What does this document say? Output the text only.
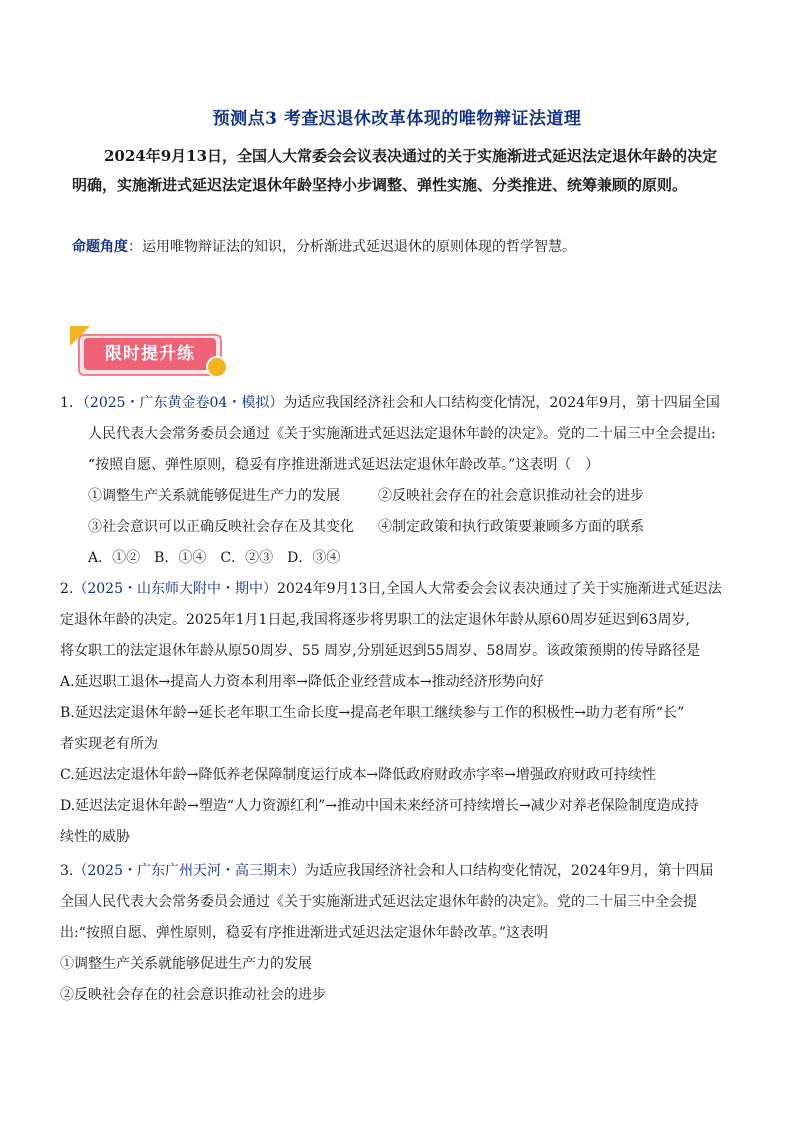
预测点3 考查迟退休改革体现的唯物辩证法道理
2024年9月13日，全国人大常委会会议表决通过的关于实施渐进式延迟法定退休年龄的决定明确，实施渐进式延迟法定退休年龄坚持小步调整、弹性实施、分类推进、统筹兼顾的原则。
命题角度：运用唯物辩证法的知识，分析渐进式延迟退休的原则体现的哲学智慧。
限时提升练
1．（2025・广东黄金卷04・模拟）为适应我国经济社会和人口结构变化情况，2024年9月，第十四届全国
人民代表大会常务委员会通过《关于实施渐进式延迟法定退休年龄的决定》。党的二十届三中全会提出:
“按照自愿、弹性原则，稳妥有序推进渐进式延迟法定退休年龄改革。”这表明（　）
①调整生产关系就能够促进生产力的发展	②反映社会存在的社会意识推动社会的进步
③社会意识可以正确反映社会存在及其变化	④制定政策和执行政策要兼顾多方面的联系
A．①②　B．①④　C．②③　D．③④
2.（2025・山东师大附中・期中）2024年9月13日,全国人大常委会会议表决通过了关于实施渐进式延迟法
定退休年龄的决定。2025年1月1日起,我国将逐步将男职工的法定退休年龄从原60周岁延迟到63周岁,
将女职工的法定退休年龄从原50周岁、55 周岁,分别延迟到55周岁、58周岁。该政策预期的传导路径是
A.延迟职工退休→提高人力资本利用率→降低企业经营成本→推动经济形势向好
B.延迟法定退休年龄→延长老年职工生命长度→提高老年职工继续参与工作的积极性→助力老有所“长”
者实现老有所为
C.延迟法定退休年龄→降低养老保障制度运行成本→降低政府财政赤字率→增强政府财政可持续性
D.延迟法定退休年龄→塑造“人力资源红利”→推动中国未来经济可持续增长→减少对养老保险制度造成持
续性的威胁
3.（2025・广东广州天河・高三期末）为适应我国经济社会和人口结构变化情况，2024年9月，第十四届
全国人民代表大会常务委员会通过《关于实施渐进式延迟法定退休年龄的决定》。党的二十届三中全会提
出:“按照自愿、弹性原则，稳妥有序推进渐进式延迟法定退休年龄改革。”这表明
①调整生产关系就能够促进生产力的发展
②反映社会存在的社会意识推动社会的进步
